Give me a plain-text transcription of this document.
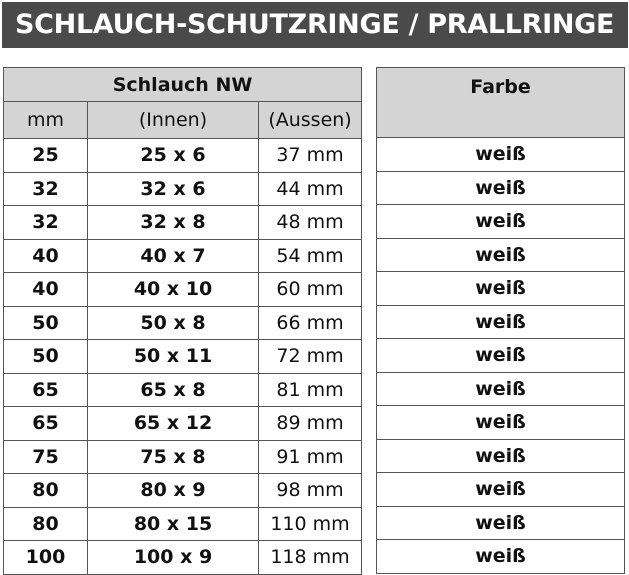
SCHLAUCH-SCHUTZRINGE / PRALLRINGE
Schlauch NW		
mm	(Innen)	(Aussen)
25	25 x 6	37 mm
32	32 x 6	44 mm
32	32 x 8	48 mm
40	40 x 7	54 mm
40	40 x 10	60 mm
50	50 x 8	66 mm
50	50 x 11	72 mm
65	65 x 8	81 mm
65	65 x 12	89 mm
75	75 x 8	91 mm
80	80 x 9	98 mm
80	80 x 15	110 mm
100	100 x 9	118 mm
Farbe
weiß
weiß
weiß
weiß
weiß
weiß
weiß
weiß
weiß
weiß
weiß
weiß
weiß
